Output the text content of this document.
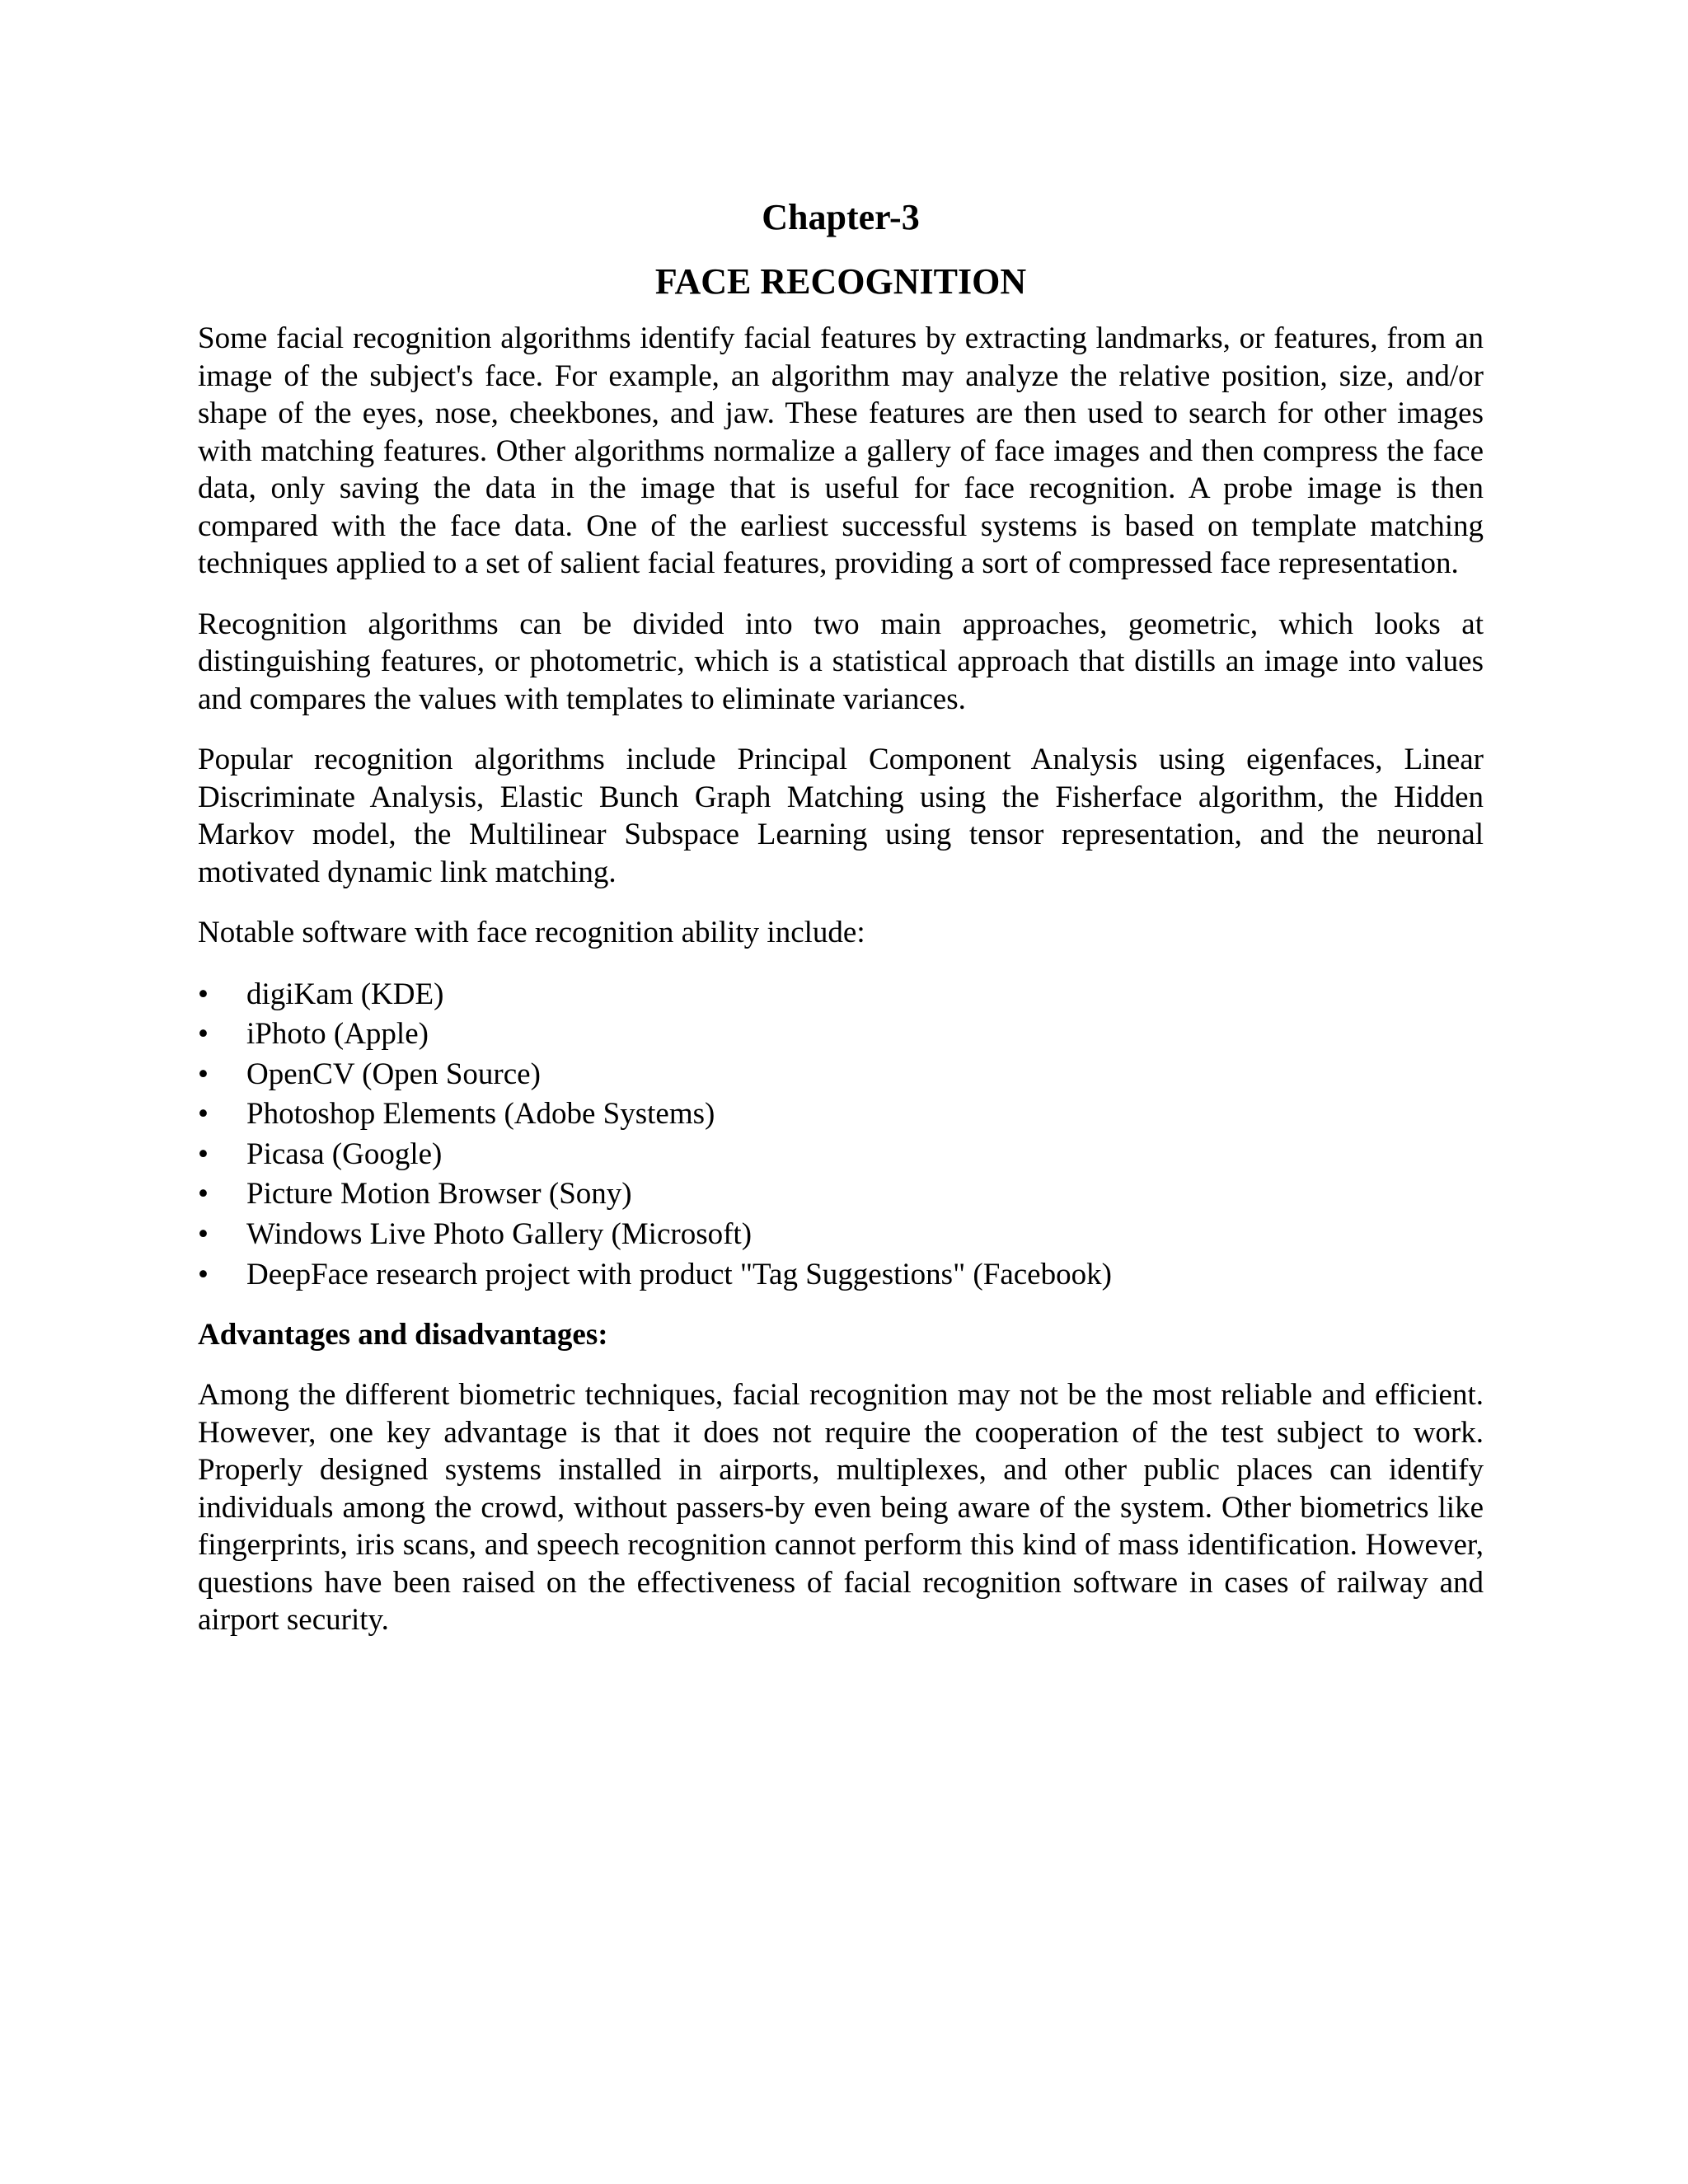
Chapter-3
FACE RECOGNITION

Some facial recognition algorithms identify facial features by extracting landmarks, or features, from an image of the subject's face. For example, an algorithm may analyze the relative position, size, and/or shape of the eyes, nose, cheekbones, and jaw. These features are then used to search for other images with matching features. Other algorithms normalize a gallery of face images and then compress the face data, only saving the data in the image that is useful for face recognition. A probe image is then compared with the face data. One of the earliest successful systems is based on template matching techniques applied to a set of salient facial features, providing a sort of compressed face representation.

Recognition algorithms can be divided into two main approaches, geometric, which looks at distinguishing features, or photometric, which is a statistical approach that distills an image into values and compares the values with templates to eliminate variances.

Popular recognition algorithms include Principal Component Analysis using eigenfaces, Linear Discriminate Analysis, Elastic Bunch Graph Matching using the Fisherface algorithm, the Hidden Markov model, the Multilinear Subspace Learning using tensor representation, and the neuronal motivated dynamic link matching.

Notable software with face recognition ability include:

•	digiKam (KDE)
•	iPhoto (Apple)
•	OpenCV (Open Source)
•	Photoshop Elements (Adobe Systems)
•	Picasa (Google)
•	Picture Motion Browser (Sony)
•	Windows Live Photo Gallery (Microsoft)
•	DeepFace research project with product "Tag Suggestions" (Facebook)
Advantages and disadvantages:

Among the different biometric techniques, facial recognition may not be the most reliable and efficient. However, one key advantage is that it does not require the cooperation of the test subject to work. Properly designed systems installed in airports, multiplexes, and other public places can identify individuals among the crowd, without passers-by even being aware of the system. Other biometrics like fingerprints, iris scans, and speech recognition cannot perform this kind of mass identification. However, questions have been raised on the effectiveness of facial recognition software in cases of railway and airport security.
